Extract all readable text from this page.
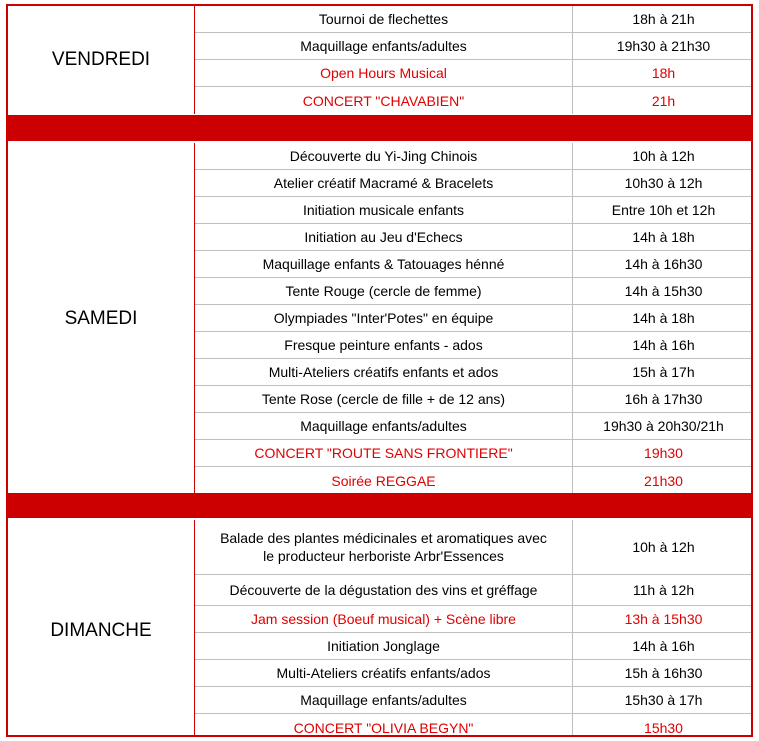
VENDREDI
Tournoi de flechettes	18h à 21h
Maquillage enfants/adultes	19h30 à 21h30
Open Hours Musical	18h
CONCERT "CHAVABIEN"	21h
SAMEDI
Découverte du Yi-Jing Chinois	10h à 12h
Atelier créatif Macramé & Bracelets	10h30 à 12h
Initiation musicale enfants	Entre 10h et 12h
Initiation au Jeu d'Echecs	14h à 18h
Maquillage enfants & Tatouages hénné	14h à 16h30
Tente Rouge (cercle de femme)	14h à 15h30
Olympiades "Inter'Potes" en équipe	14h à 18h
Fresque peinture enfants - ados	14h à 16h
Multi-Ateliers créatifs enfants et ados	15h à 17h
Tente Rose (cercle de fille + de 12 ans)	16h à 17h30
Maquillage enfants/adultes	19h30 à 20h30/21h
CONCERT "ROUTE SANS FRONTIERE"	19h30
Soirée REGGAE	21h30
DIMANCHE
Balade des plantes médicinales et aromatiques avec
le producteur herboriste Arbr'Essences
10h à 12h
Découverte de la dégustation des vins et gréffage	11h à 12h
Jam session (Boeuf musical) + Scène libre	13h à 15h30
Initiation Jonglage	14h à 16h
Multi-Ateliers créatifs enfants/ados	15h à 16h30
Maquillage enfants/adultes	15h30 à 17h
CONCERT "OLIVIA BEGYN"	15h30
